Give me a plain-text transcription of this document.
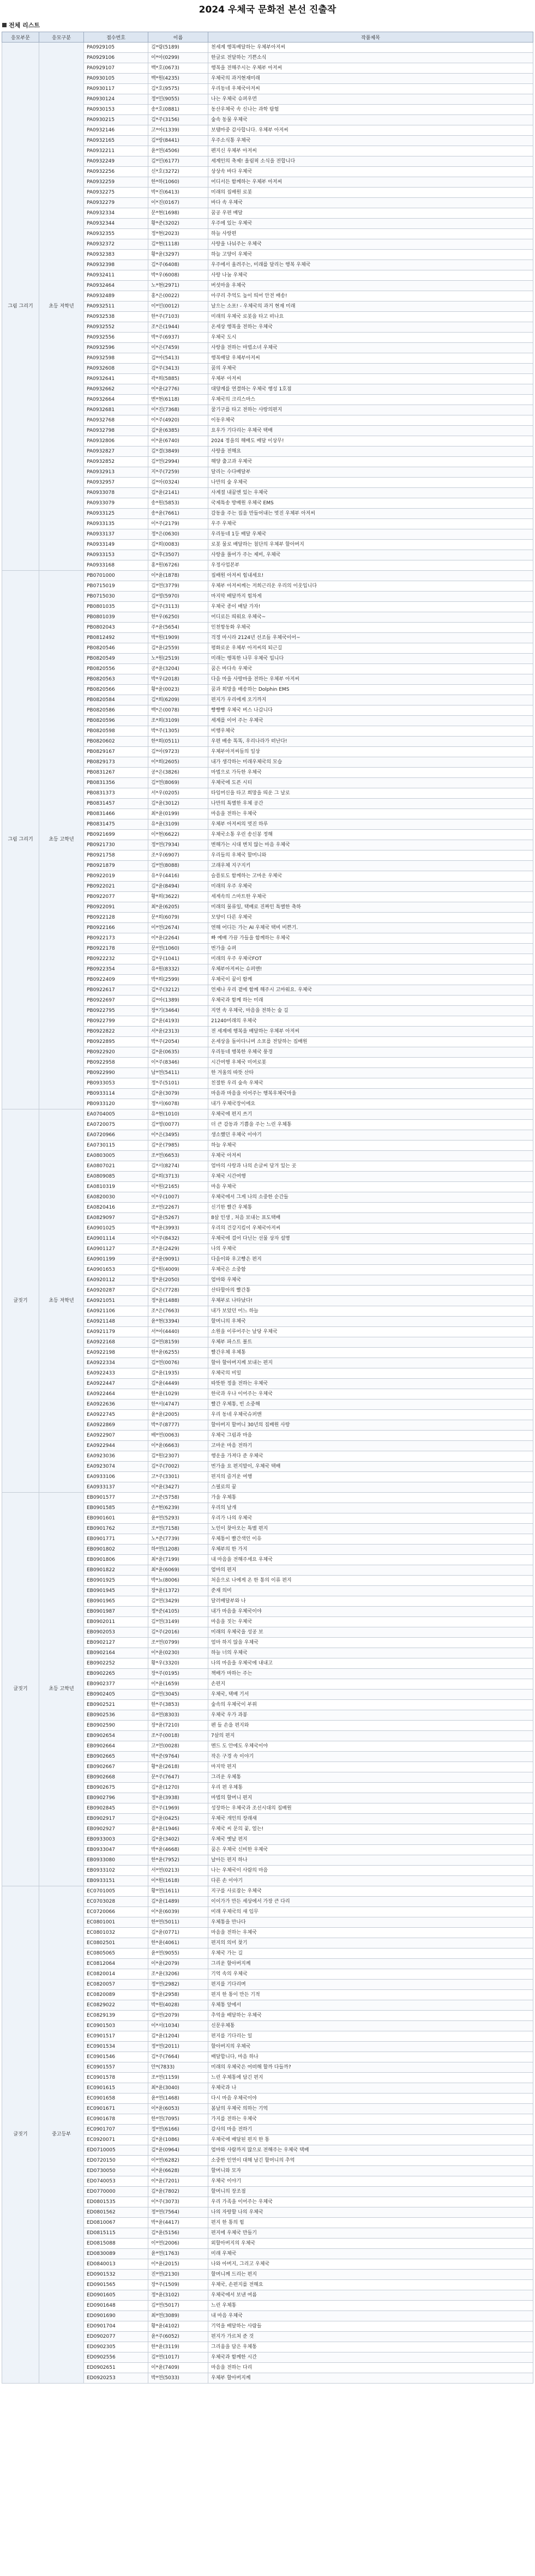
2024 우체국 문화전 본선 진출작
전체 리스트
응모부문	응모구분	접수번호	이름	작품제목
그림 그리기	초등 저학년	PA0929105	김*람(5189)	천세계 행복배달하는 우체부아저씨
		PA0929106	이*아(0299)	한글로 전달하는 기쁜소식
		PA0929107	백*호(0673)	행복을 전해주시는 우체부 아저씨
		PA0930105	백*원(4235)	우체국의 과거현재미래
		PA0930117	김*호(9575)	우리동네 우체국아저씨
		PA0930124	정*민(9055)	나는 우체국 슈퍼우먼
		PA0930153	송*호(0881)	동산우체국 속 신나는 과학 탐험
		PA0930215	김*주(3156)	숲속 동물 우체국
		PA0932146	고*아(1339)	보탬마중 감사합니다. 우체부 아저씨
		PA0932165	김*랑(8441)	우주소식통 우체국
		PA0932211	윤*연(4506)	펜지신 우체부 아저씨
		PA0932249	김*민(6177)	세계인의 축제! 올림픽 소식을 전합니다
		PA0932256	신*호(3272)	상상속 바다 우체국
		PA0932259	한*하(1060)	어디서든 함께하는 우체부 아저씨
		PA0932275	박*진(6413)	미래의 집배원 로봇
		PA0932279	이*진(0167)	바다 속 우체국
		PA0932334	문*현(1698)	꿈공 우편 배달
		PA0932344	황*준(3202)	우주에 있는 우체국
		PA0932355	정*현(2023)	하늘 사랑편
		PA0932372	김*현(1118)	사랑을 나눠주는 우체국
		PA0932383	황*윤(3297)	하늘 고양이 우체국
		PA0932398	김*주(6408)	우주에서 울려주는, 미래를 달리는 행복 우체국
		PA0932411	박*우(6008)	사랑 나눔 우체국
		PA0932464	노*현(2971)	버섯마을 우체국
		PA0932489	홍*은(0022)	아쿠리 추억도 높이 띄어 안전 배송!
		PA0932511	이*민(0012)	날으는 소포! - 우체국의 과거 현재 미래
		PA0932538	한*주(7103)	미래의 우체국 로봇을 타고 떠나요
		PA0932552	조*은(1944)	온세상 행복을 전하는 우체국
		PA0932556	박*주(6937)	우체국 도시
		PA0932596	이*은(7459)	사랑을 전하는 마법소녀 우체국
		PA0932598	김*아(5413)	행복배달 우체부아저씨
		PA0932608	김*주(3413)	꿈의 우체국
		PA0932641	곽*희(5885)	우체부 아저씨
		PA0932662	이*윤(2776)	대양계를 연결하는 우체국 행성 1호점
		PA0932664	변*현(6118)	우체국의 크리스마스
		PA0932681	이*진(7368)	꿀기구를 타고 전하는 사랑의편지
		PA0932768	이*주(4920)	이동우체국
		PA0932798	김*윤(6385)	요우가 기다리는 우체국 택배
		PA0932806	이*윤(6740)	2024 정을의 해배도 배달 이상무!
		PA0932827	김*결(3849)	사랑을 전해요
		PA0932852	김*연(2994)	해양 출고과 우체국
		PA0932913	지*주(7259)	달리는 수다배달부
		PA0932957	김*아(0324)	나만의 숲 우체국
		PA0933078	김*윤(2141)	사계절 내꿈엔 있는 우체국
		PA0933079	송*원(5853)	국제특송 방배원 우체국 EMS
		PA0933125	송*윤(7661)	감동을 주는 집을 만들어내는 멋진 우체부 아저씨
		PA0933135	이*주(2179)	우주 우체국
		PA0933137	정*은(0630)	우리동네 1등 배달 우체국
		PA0933149	김*희(0083)	로봇 물로 배달하는 첨단의 우체부 할아버지
		PA0933153	김*후(3507)	사랑을 풀어가 주는 제비, 우체국
		PA0933168	홍*원(6726)	우정사업본부
그림 그리기	초등 고학년	PB0701000	이*윤(1878)	집배원 아저씨 힘내세요!
		PB0715019	김*연(3779)	우체부 아저씨께는 저희근리운 우리의 이웃입니다
		PB0715030	김*영(5970)	마지막 배달까지 힘차게
		PB0801035	김*주(3113)	우체국 종이 배달 가자!
		PB0801039	한*우(6250)	어디로든 띄워요 우체국~
		PB0802043	주*윤(5654)	인천항동화 우체국
		PB0812492	박*원(1909)	걱정 마시라 2124년 선조들 우체국이어~
		PB0820546	김*윤(2559)	평화로운 우체부 아저씨의 퇴근길
		PB0820549	노*원(2519)	미래는 행복한 나무 우체국 입니다
		PB0820556	공*윤(3204)	꿈은 바다속 우체국
		PB0820563	박*우(2018)	다음 마을 사랑마을 전하는 우체부 아저씨
		PB0820566	황*윤(0023)	꿈과 희망을 배송하는 Dolphin EMS
		PB0820584	김*희(6209)	편지가 우리에게 오기까지
		PB0820586	백*은(0078)	빵빵빵 우체국 버스 나갑니다
		PB0820596	조*희(3109)	세계를 이어 주는 우체국
		PB0820598	박*주(1305)	비행우체국
		PB0820602	한*희(0511)	우편 배송 똑똑, 우리나라가 떠난다!
		PB0829167	김*아(9723)	우체부아저씨들의 일상
		PB0829173	이*희(2605)	내가 생각하는 미래우체국의 모습
		PB0831267	공*은(3826)	마법으로 가득한 우체국
		PB0831356	김*연(8069)	우체국에 도픈 시티
		PB0831373	서*우(0205)	타임머신을 타고 희망을 띄운 그 날로
		PB0831457	김*윤(3012)	나만의 특별한 우체 공간
		PB0831466	최*윤(0199)	마음을 전하는 우체국
		PB0831475	유*윤(3109)	우체부 아저씨의 멋진 하루
		PB0921699	이*현(6622)	우체국소통 우린 송신봉 정해
		PB0921730	정*연(7934)	변해가는 시대 변치 않는 마음 우체국
		PB0921758	조*우(6907)	우리들의 우체국 할머니와
		PB0921879	김*연(8088)	고래우체 지구지키
		PB0922019	유*우(4416)	슬픔토도 함께하는 고마운 우체국
		PB0922021	김*윤(8494)	미래의 우주 우체국
		PB0922077	황*희(3622)	세계속의 스마트한 우체국
		PB0922091	최*윤(6205)	미래의 물류일, 택배로 진짜인 특별한 축하
		PB0922128	문*희(6079)	모양이 다른 우체국
		PB0922166	이*연(2674)	연해 어디든 가는 AI 우체국 택비 비쁜기.
		PB0922173	이*윤(2264)	빠 예배 가끔 가들을 함께하는 우체국
		PB0922178	문*연(1060)	번가을 슈퍼
		PB0922232	김*우(1041)	미래의 우주 우체국FOT
		PB0922354	유*원(8332)	우체부아저씨는 슈퍼맨!
		PB0922409	박*희(2599)	우체국이 꿈이 함께
		PB0922617	김*주(3212)	언제나 우리 곁에 함께 해주시 고마워요. 우체국
		PB0922697	김*아(1389)	우체국과 함께 하는 미래
		PB0922795	장*기(3464)	지연 속 우체국, 마음을 전하는 숲 길
		PB0922799	김*윤(4193)	21240미래의 우체국
		PB0922822	서*윤(2313)	전 세계에 행복을 배달하는 우체부 아저씨
		PB0922895	박*주(2054)	온세상을 돌아다니며 소포를 전달하는 집배원
		PB0922920	김*윤(0635)	우리동네 행복한 우체국 풍경
		PB0922958	이*주(8346)	시간여행 우체국 미여로봇
		PB0922990	남*연(5411)	한 겨울의 따뜻 산타
		PB0933053	정*주(5101)	친절한 우리 숲속 우체국
		PB0933114	김*윤(3079)	마음과 마음을 이어주는 행복우체국마을
		PB0933120	정*서(6078)	내가 우체국장이에요
글짓기	초등 저학년	EA0704005	유*현(1010)	우체국에 편지 쓰기
		EA0720075	김*영(0077)	더 큰 감동과 기쁨을 주는 느린 우체통
		EA0720966	이*은(3495)	생소했던 우체국 이야기
		EA0730115	김*운(7985)	하늘 우체국
		EA0803005	조*연(6653)	우체국 아저씨
		EA0807021	김*서(8274)	엄마의 사랑과 나의 손글씨 담겨 있는 곳
		EA0809085	김*희(3713)	우체국 시간여행
		EA0810319	이*원(2165)	마음 우체국
		EA0820030	이*우(1007)	우체국에서 그게 나의 소중한 순간들
		EA0820416	조*연(2267)	신기한 빨간 우체통
		EA0829097	김*윤(5267)	8살 인생 , 처음 보내는 표도택배
		EA0901025	박*윤(3993)	우리의 건강지킴이 우체국아저씨
		EA0901114	이*주(8432)	우체국에 걸어 다닌는 선물 상자 설명
		EA0901127	조*윤(2429)	나의 우체국
		EA0901199	공*윤(9091)	다음이와 우고빵은 편지
		EA0901653	김*원(4009)	우체국은 소중함
		EA0920112	정*윤(2050)	엄마와 우체국
		EA0920287	김*은(7728)	산타할아의 빨간통
		EA0921051	정*윤(1488)	우체부로 나타났다!
		EA0921106	조*은(7663)	내가 보았던 어느 하늘
		EA0921148	윤*현(3394)	할머니의 우체국
		EA0921179	서*아(4440)	소원을 이루어주는 날당 우체국
		EA0922168	김*연(8159)	우체부 파스트 볼트
		EA0922198	한*윤(6255)	빨간우체 우체통
		EA0922334	김*연(0076)	할아 할아버지께 보내는 편지
		EA0922433	김*윤(1935)	우체국의 비밀
		EA0922447	김*윤(4449)	따뜻한 정을 전하는 우체국
		EA0922464	한*윤(1029)	한국과 우나 이어주는 우체국
		EA0922636	한*서(4747)	빨간 우체통, 빈 소중해
		EA0922745	윤*윤(2005)	우리 동네 우체국슈퍼맨
		EA0922869	박*주(8777)	할아버지 할머니 30년의 집배원 사랑
		EA0922907	배*연(0063)	우체국 그림과 마음
		EA0922944	이*윤(6663)	고마운 마음 전하기
		EA0923036	김*원(2307)	행운을 가져다 준 우체국
		EA0923074	김*주(7002)	번가을 요 편지말이, 우체국 택배
		EA0933106	고*주(3301)	편지의 즐거운 여행
		EA0933137	이*윤(3427)	스필로의 꿈
글짓기	초등 고학년	EB0901577	고*준(5758)	가을 우체통
		EB0901585	손*현(6239)	우리의 날개
		EB0901601	윤*연(5293)	우리가 나의 우체국
		EB0901762	조*연(7158)	노인이 찾아오는 특별 편지
		EB0901771	노*준(7739)	우체통이 빨간색인 이유
		EB0901802	하*연(1208)	우체부의 한 가지
		EB0901806	최*윤(7199)	내 마음을 전해주세요 우체국
		EB0901822	최*윤(6069)	엄마의 편지
		EB0901925	박*뇨(8006)	처음으로 나에게 온 한 통의 이류 편지
		EB0901945	장*윤(1372)	준재 의미
		EB0901965	김*연(3429)	달러배달부와 나
		EB0901987	정*준(4105)	내가 마음을 우체국이야
		EB0902011	김*연(3149)	마음을 짓는 우체국
		EB0902053	김*주(2016)	미래의 우체국을 성공 보
		EB0902127	조*연(0799)	엄마 하지 않을 우체국
		EB0902164	이*윤(0230)	하늘 너의 우체국
		EB0902252	황*우(3320)	나의 마음을 우체국에 내내고
		EB0902265	장*주(0195)	책배가 마하는 주는
		EB0902377	이*윤(1659)	손편지
		EB0902405	김*연(3045)	우체국, 택배 기서
		EB0902521	한*주(3853)	숲속의 우체국이 부위
		EB0902536	유*연(8303)	우체국 우가 과봉
		EB0902590	장*윤(7210)	펜 들 손을 편지와
		EB0902654	조*주(0018)	7살의 편지
		EB0902664	고*연(0028)	멘드 도 안에도 우체국이야
		EB0902665	박*준(9764)	작은 구경 속 이야기
		EB0902667	황*윤(2618)	마지막 편지
		EB0902668	문*주(7647)	그리운 우체통
		EB0902675	김*윤(1270)	우리 편 우체통
		EB0902796	정*윤(3938)	마법의 할머니 편지
		EB0902845	진*주(1969)	성장하는 우체국과 조선시대의 집배원
		EB0902917	김*윤(0425)	우체국 개인의 장래새
		EB0902927	윤*윤(1946)	우체국 씨 문의 꽃, 얼는!
		EB0933003	김*윤(3402)	우체국 옛날 편지
		EB0933047	박*윤(4668)	꿈은 우체국 신비한 우체국
		EB0933080	한*윤(7952)	날아든 편지 하나
		EB0933102	서*연(0213)	나는 우체국이 사람의 마음
		EB0933151	이*원(1618)	다른 손 이야기
글짓기	중고등부	EC0701005	황*연(1611)	지구를 사로잡는 우체국
		EC0703028	김*윤(1489)	이이가가 만든 세상에서 가장 큰 다리
		EC0720066	이*윤(6039)	미래 우체국의 새 임무
		EC0801001	한*연(5011)	우체통을 만나다
		EC0801032	김*윤(0771)	마음을 전하는 우체국
		EC0802501	한*윤(4061)	편지의 의미 찾기
		EC0805065	윤*연(9055)	우체국 가는 길
		EC0812064	이*윤(2079)	그리운 할아버지께
		EC0820014	조*윤(3206)	기억 속의 우체국
		EC0820057	정*연(2982)	편지를 기다리며
		EC0820089	정*윤(2958)	편지 한 통이 만든 기적
		EC0829022	박*원(4028)	우체통 앞에서
		EC0829139	김*연(2079)	추억을 배달하는 우체국
		EC0901503	이*서(1034)	신문우체통
		EC0901517	김*윤(1204)	편지를 기다리는 일
		EC0901534	정*연(2011)	할아버지의 우체국
		EC0901546	김*주(7664)	배달합니다, 마음 하나
		EC0901557	안*(7833)	미래의 우체국은 어떠해 할까 다들까?
		EC0901578	조*연(1159)	느린 우체통에 담긴 편지
		EC0901615	최*윤(3040)	우체국과 나
		EC0901658	윤*연(1468)	다시 마음 우체국이야
		EC0901671	이*윤(6053)	봄날의 우체국 의하는 기억
		EC0901678	한*연(7095)	가지를 전하는 우체국
		EC0901707	정*연(6166)	감사의 마음 전하기
		EC0920071	김*윤(1086)	우체국에 배달된 편지 한 통
		ED0710005	김*윤(0964)	엄마와 사람까지 많으로 전해주는 우체국 택배
		ED0720150	이*연(6282)	소중한 인연이 대해 남긴 할머니의 추억
		ED0730050	이*윤(6628)	할머니와 모자
		ED0740053	이*윤(7201)	우체국 이야기
		ED0770000	김*윤(7802)	할머니의 장조점
		ED0801535	이*주(3073)	우리 가족을 이어주는 우체국
		ED0801562	정*연(7564)	나의 자랑할 나의 우체국
		ED0810067	박*윤(4417)	편지 한 통의 힘
		ED0815115	김*윤(5156)	편지에 우체국 만들기
		ED0815088	이*연(2006)	외할아버지의 우체국
		ED0830089	윤*연(1763)	미래 우체국
		ED0840013	이*윤(2015)	나와 아버지, 그리고 우체국
		ED0901532	진*연(2130)	할머니께 드리는 편지
		ED0901565	장*주(1509)	우체국, 손편지를 전해요
		ED0901605	정*윤(3102)	우체국에서 보낸 여름
		ED0901648	김*연(5017)	느린 우체통
		ED0901690	최*연(3089)	내 마음 우체국
		ED0901704	황*윤(4102)	기억을 배달하는 사람들
		ED0902077	윤*주(6052)	편지가 가르쳐 준 것
		ED0902305	한*윤(3119)	그리움을 담은 우체통
		ED0902556	김*연(1017)	우체국과 함께한 시간
		ED0902651	이*윤(7409)	마음을 전하는 다리
		ED0920253	박*연(5033)	우체부 할아버지께
